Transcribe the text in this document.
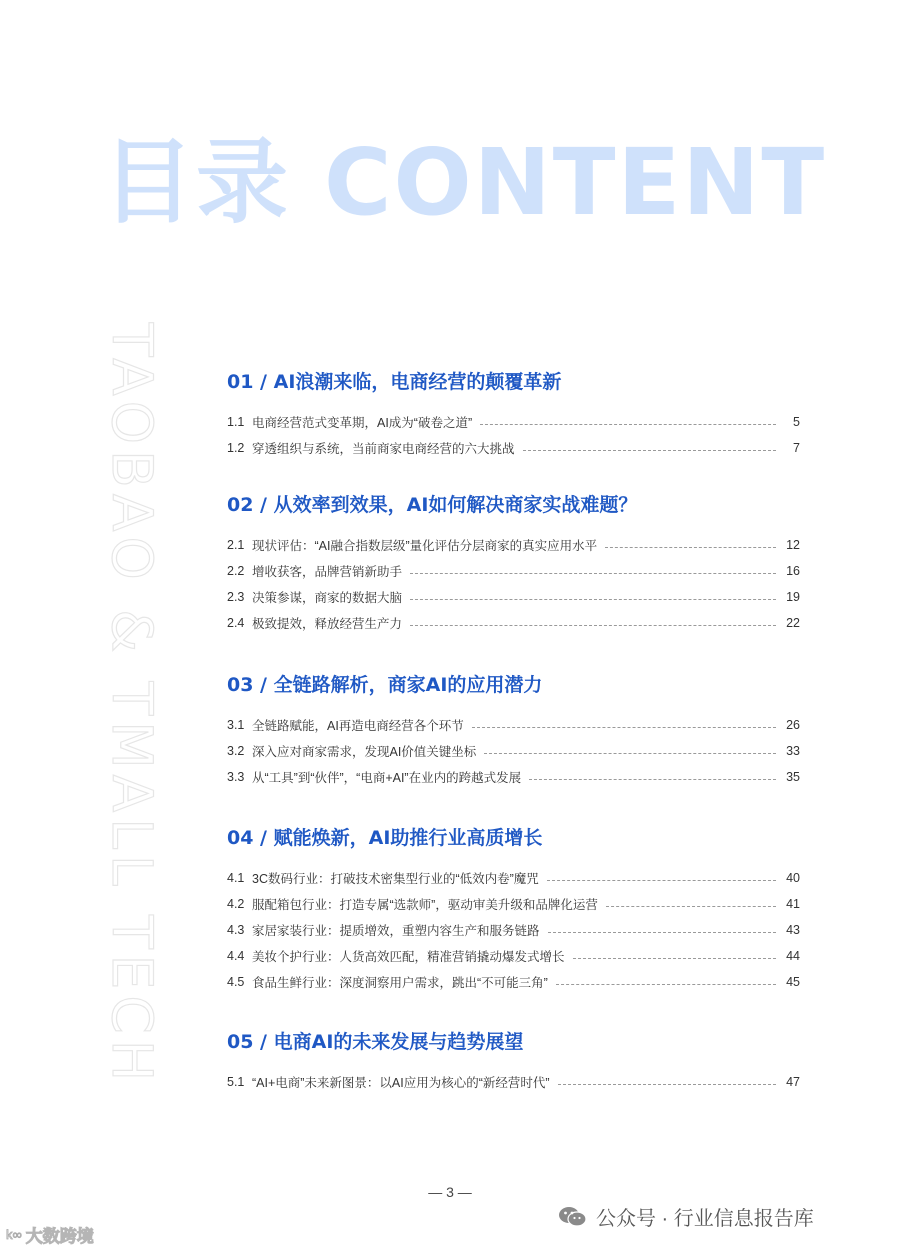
目录 CONTENT
TAOBAO & TMALL TECH	01 / AI浪潮来临，电商经营的颠覆革新
1.1 电商经营范式变革期，AI成为“破卷之道”	5
1.2 穿透组织与系统，当前商家电商经营的六大挑战	7
02 / 从效率到效果，AI如何解决商家实战难题？
2.1 现状评估：“AI融合指数层级”量化评估分层商家的真实应用水平	12
2.2 增收获客，品牌营销新助手	16
2.3 决策参谋，商家的数据大脑	19
2.4 极致提效，释放经营生产力	22
03 / 全链路解析，商家AI的应用潜力
3.1 全链路赋能，AI再造电商经营各个环节	26
3.2 深入应对商家需求，发现AI价值关键坐标	33
3.3 从“工具”到“伙伴”，“电商+AI”在业内的跨越式发展	35
04 / 赋能焕新，AI助推行业高质增长
4.1 3C数码行业：打破技术密集型行业的“低效内卷”魔咒	40
4.2 服配箱包行业：打造专属“选款师”，驱动审美升级和品牌化运营	41
4.3 家居家装行业：提质增效，重塑内容生产和服务链路	43
4.4 美妆个护行业：人货高效匹配，精准营销撬动爆发式增长	44
4.5 食品生鲜行业：深度洞察用户需求，跳出“不可能三角”	45
05 / 电商AI的未来发展与趋势展望
5.1 “AI+电商”未来新图景：以AI应用为核心的“新经营时代”	47
— 3 —
k∞ 大数跨境
公众号 · 行业信息报告库
